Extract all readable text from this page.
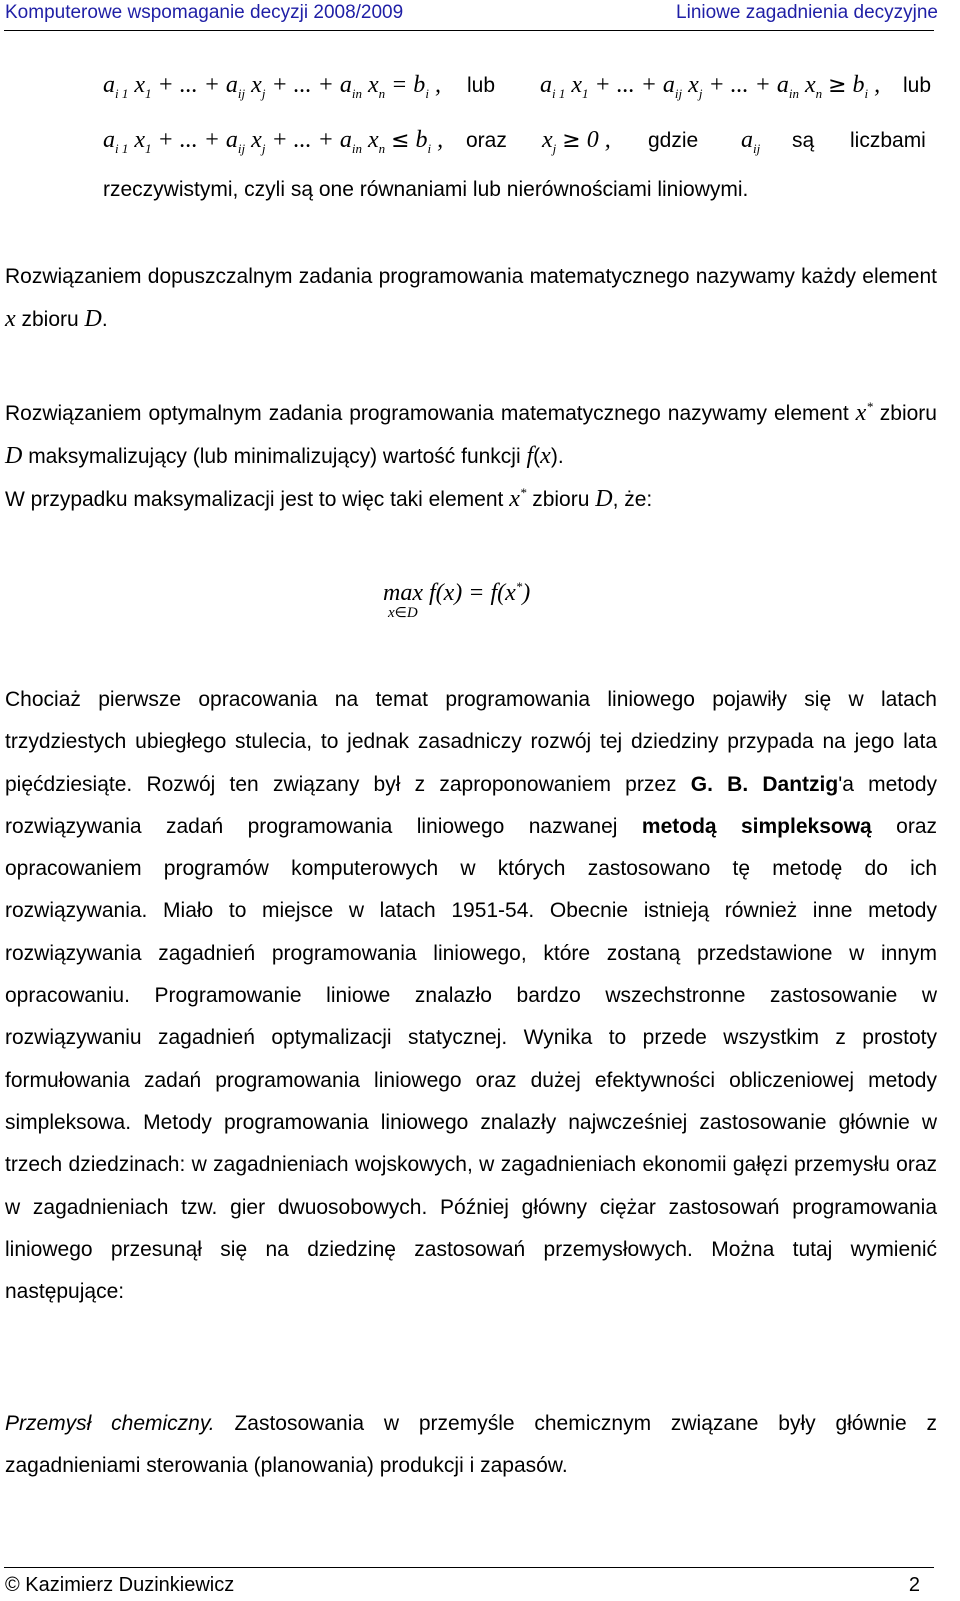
Komputerowe wspomaganie decyzji 2008/2009	Liniowe zagadnienia decyzyjne
$a_{i 1}$ $x_1$ + ... + $a_{ij}$ $x_j$ + ... + $a_{in}$ $x_n = b_i$ , lub $a_{i 1}$ $x_1$ + ... + $a_{ij}$ $x_j$ + ... + $a_{in}$ $x_n \ge b_i$ , lub
$a_{i 1}$ $x_1$ + ... + $a_{ij}$ $x_j$ + ... + $a_{in}$ $x_n \le b_i$ , oraz $x_j \ge 0$ , gdzie $a_{ij}$ są liczbami
rzeczywistymi, czyli są one równaniami lub nierównościami liniowymi.
Rozwiązaniem dopuszczalnym zadania programowania matematycznego nazywamy każdy element x zbioru D.
Rozwiązaniem optymalnym zadania programowania matematycznego nazywamy element x* zbioru D maksymalizujący (lub minimalizujący) wartość funkcji f(x).
W przypadku maksymalizacji jest to więc taki element x* zbioru D, że:
max f(x) = f(x*)
x∈D
Chociaż pierwsze opracowania na temat programowania liniowego pojawiły się w latach trzydziestych ubiegłego stulecia, to jednak zasadniczy rozwój tej dziedziny przypada na jego lata pięćdziesiąte. Rozwój ten związany był z zaproponowaniem przez G. B. Dantzig'a metody rozwiązywania zadań programowania liniowego nazwanej metodą simpleksową oraz opracowaniem programów komputerowych w których zastosowano tę metodę do ich rozwiązywania. Miało to miejsce w latach 1951-54. Obecnie istnieją również inne metody rozwiązywania zagadnień programowania liniowego, które zostaną przedstawione w innym opracowaniu. Programowanie liniowe znalazło bardzo wszechstronne zastosowanie w rozwiązywaniu zagadnień optymalizacji statycznej. Wynika to przede wszystkim z prostoty formułowania zadań programowania liniowego oraz dużej efektywności obliczeniowej metody simpleksowa. Metody programowania liniowego znalazły najwcześniej zastosowanie głównie w trzech dziedzinach: w zagadnieniach wojskowych, w zagadnieniach ekonomii gałęzi przemysłu oraz w zagadnieniach tzw. gier dwuosobowych. Później główny ciężar zastosowań programowania liniowego przesunął się na dziedzinę zastosowań przemysłowych. Można tutaj wymienić następujące:
Przemysł chemiczny. Zastosowania w przemyśle chemicznym związane były głównie z zagadnieniami sterowania (planowania) produkcji i zapasów.
© Kazimierz Duzinkiewicz	2
